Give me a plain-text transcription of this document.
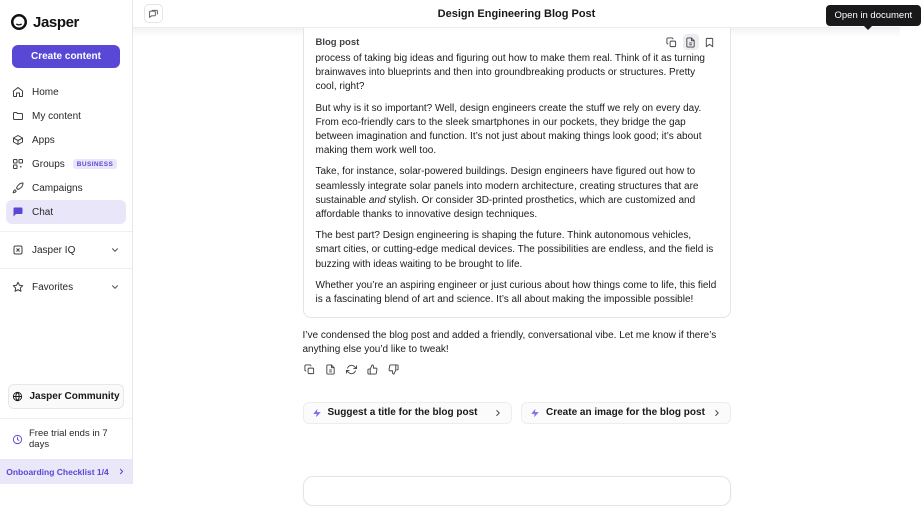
Jasper
Create content
Home
My content
Apps
Groups	BUSINESS
Campaigns
Chat
Jasper IQ
Favorites
Jasper Community
Free trial ends in 7 days
Onboarding Checklist 1/4
Design Engineering Blog Post	Open in document
Blog post

process of taking big ideas and figuring out how to make them real. Think of it as turning brainwaves into blueprints and then into groundbreaking products or structures. Pretty cool, right?

But why is it so important? Well, design engineers create the stuff we rely on every day. From eco-friendly cars to the sleek smartphones in our pockets, they bridge the gap between imagination and function. It’s not just about making things look good; it’s about making them work well too.

Take, for instance, solar-powered buildings. Design engineers have figured out how to seamlessly integrate solar panels into modern architecture, creating structures that are sustainable and stylish. Or consider 3D-printed prosthetics, which are customized and affordable thanks to innovative design techniques.

The best part? Design engineering is shaping the future. Think autonomous vehicles, smart cities, or cutting-edge medical devices. The possibilities are endless, and the field is buzzing with ideas waiting to be brought to life.

Whether you’re an aspiring engineer or just curious about how things come to life, this field is a fascinating blend of art and science. It’s all about making the impossible possible!

I’ve condensed the blog post and added a friendly, conversational vibe. Let me know if there’s anything else you’d like to tweak!
Suggest a title for the blog post	Create an image for the blog post
